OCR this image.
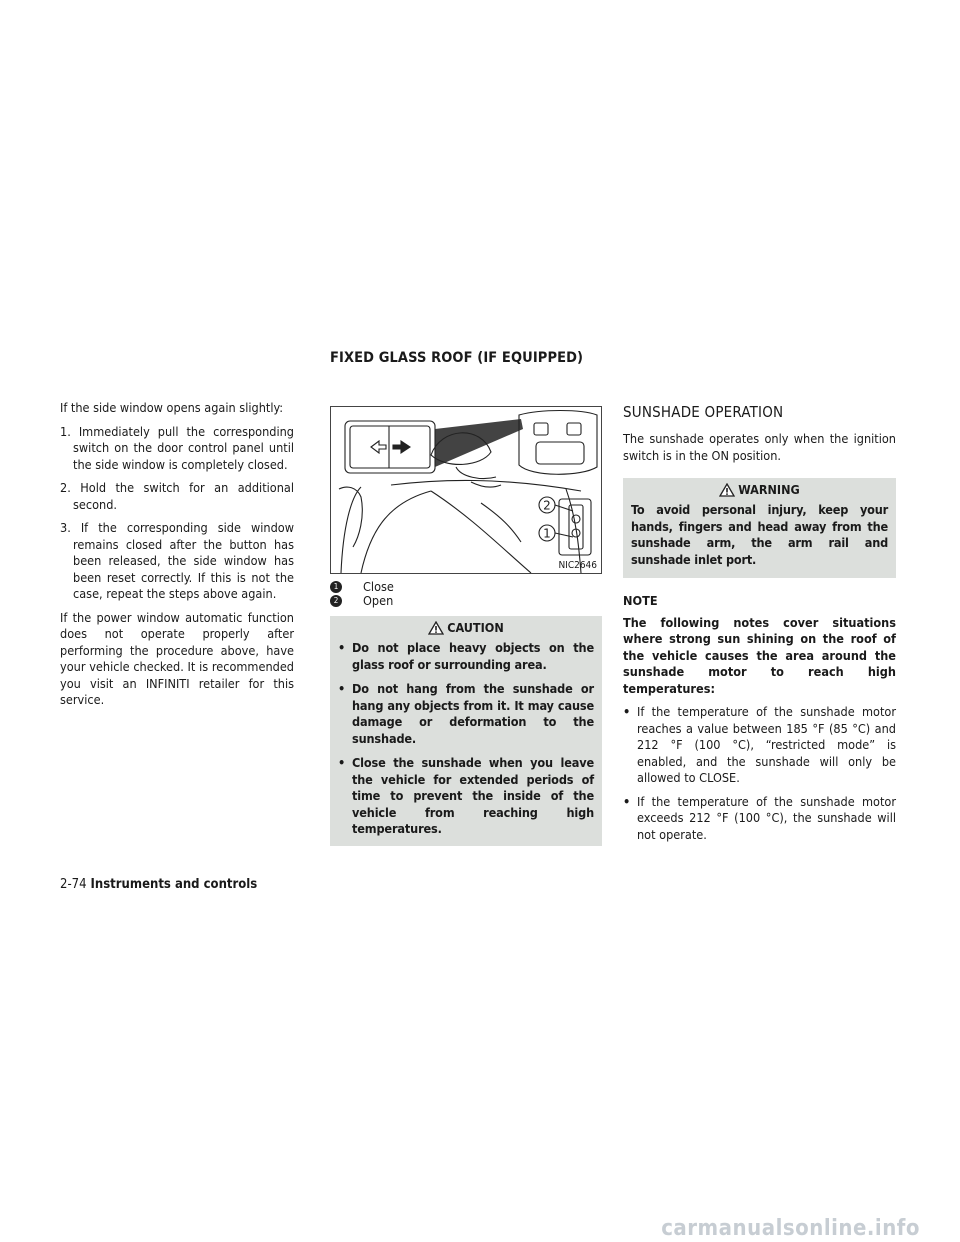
FIXED GLASS ROOF (IF EQUIPPED)

If the side window opens again slightly:

1. Immediately pull the corresponding switch on the door control panel until the side window is completely closed.
2. Hold the switch for an additional second.
3. If the corresponding side window remains closed after the button has been released, the side window has been reset correctly. If this is not the case, repeat the steps above again.

If the power window automatic function does not operate properly after performing the procedure above, have your vehicle checked. It is recommended you visit an INFINITI retailer for this service.

2
1
NIC2646
1 Close
2 Open
CAUTION
• Do not place heavy objects on the glass roof or surrounding area.
• Do not hang from the sunshade or hang any objects from it. It may cause damage or deformation to the sunshade.
• Close the sunshade when you leave the vehicle for extended periods of time to prevent the inside of the vehicle from reaching high temperatures.
SUNSHADE OPERATION

The sunshade operates only when the ignition switch is in the ON position.

WARNING
To avoid personal injury, keep your hands, fingers and head away from the sunshade arm, the arm rail and sunshade inlet port.
NOTE
The following notes cover situations where strong sun shining on the roof of the vehicle causes the area around the sunshade motor to reach high temperatures:
• If the temperature of the sunshade motor reaches a value between 185 °F (85 °C) and 212 °F (100 °C), “restricted mode” is enabled, and the sunshade will only be allowed to CLOSE.
• If the temperature of the sunshade motor exceeds 212 °F (100 °C), the sunshade will not operate.
2-74 Instruments and controls
carmanualsonline.info
